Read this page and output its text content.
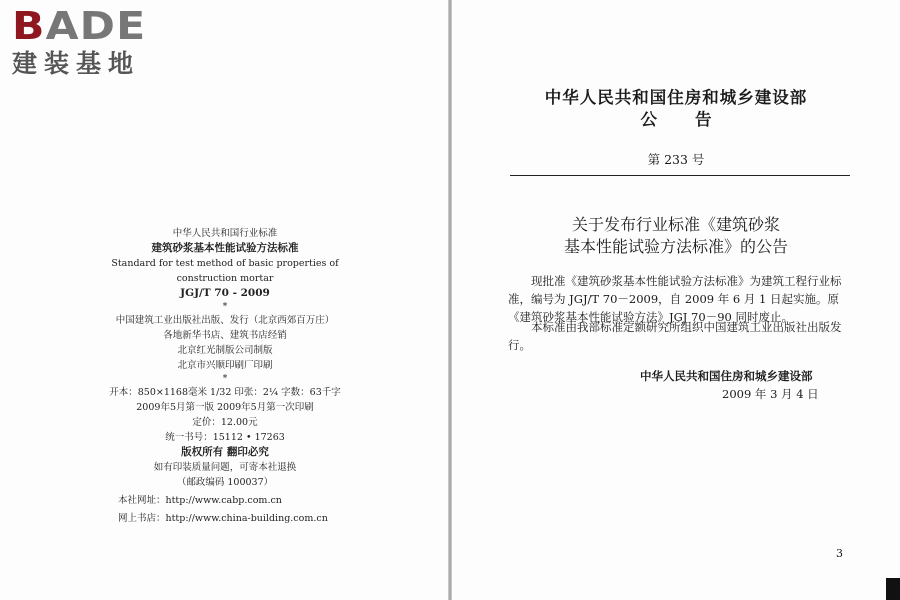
BADE
建装基地
中华人民共和国行业标准
建筑砂浆基本性能试验方法标准
Standard for test method of basic properties of
construction mortar
JGJ/T 70 - 2009
*
中国建筑工业出版社出版、发行（北京西郊百万庄）
各地新华书店、建筑书店经销
北京红光制版公司制版
北京市兴顺印刷厂印刷
*
开本：850×1168毫米 1/32 印张：2¼ 字数：63千字
2009年5月第一版 2009年5月第一次印刷
定价：12.00元
统一书号：15112 • 17263
版权所有 翻印必究
如有印装质量问题，可寄本社退换
（邮政编码 100037）
本社网址：http://www.cabp.com.cn
网上书店：http://www.china-building.com.cn
中华人民共和国住房和城乡建设部
公告
第 233 号
关于发布行业标准《建筑砂浆
基本性能试验方法标准》的公告

现批准《建筑砂浆基本性能试验方法标准》为建筑工程行业标准，编号为 JGJ/T 70－2009，自 2009 年 6 月 1 日起实施。原《建筑砂浆基本性能试验方法》JGJ 70－90 同时废止。

本标准由我部标准定额研究所组织中国建筑工业出版社出版发行。

中华人民共和国住房和城乡建设部
2009 年 3 月 4 日
3
